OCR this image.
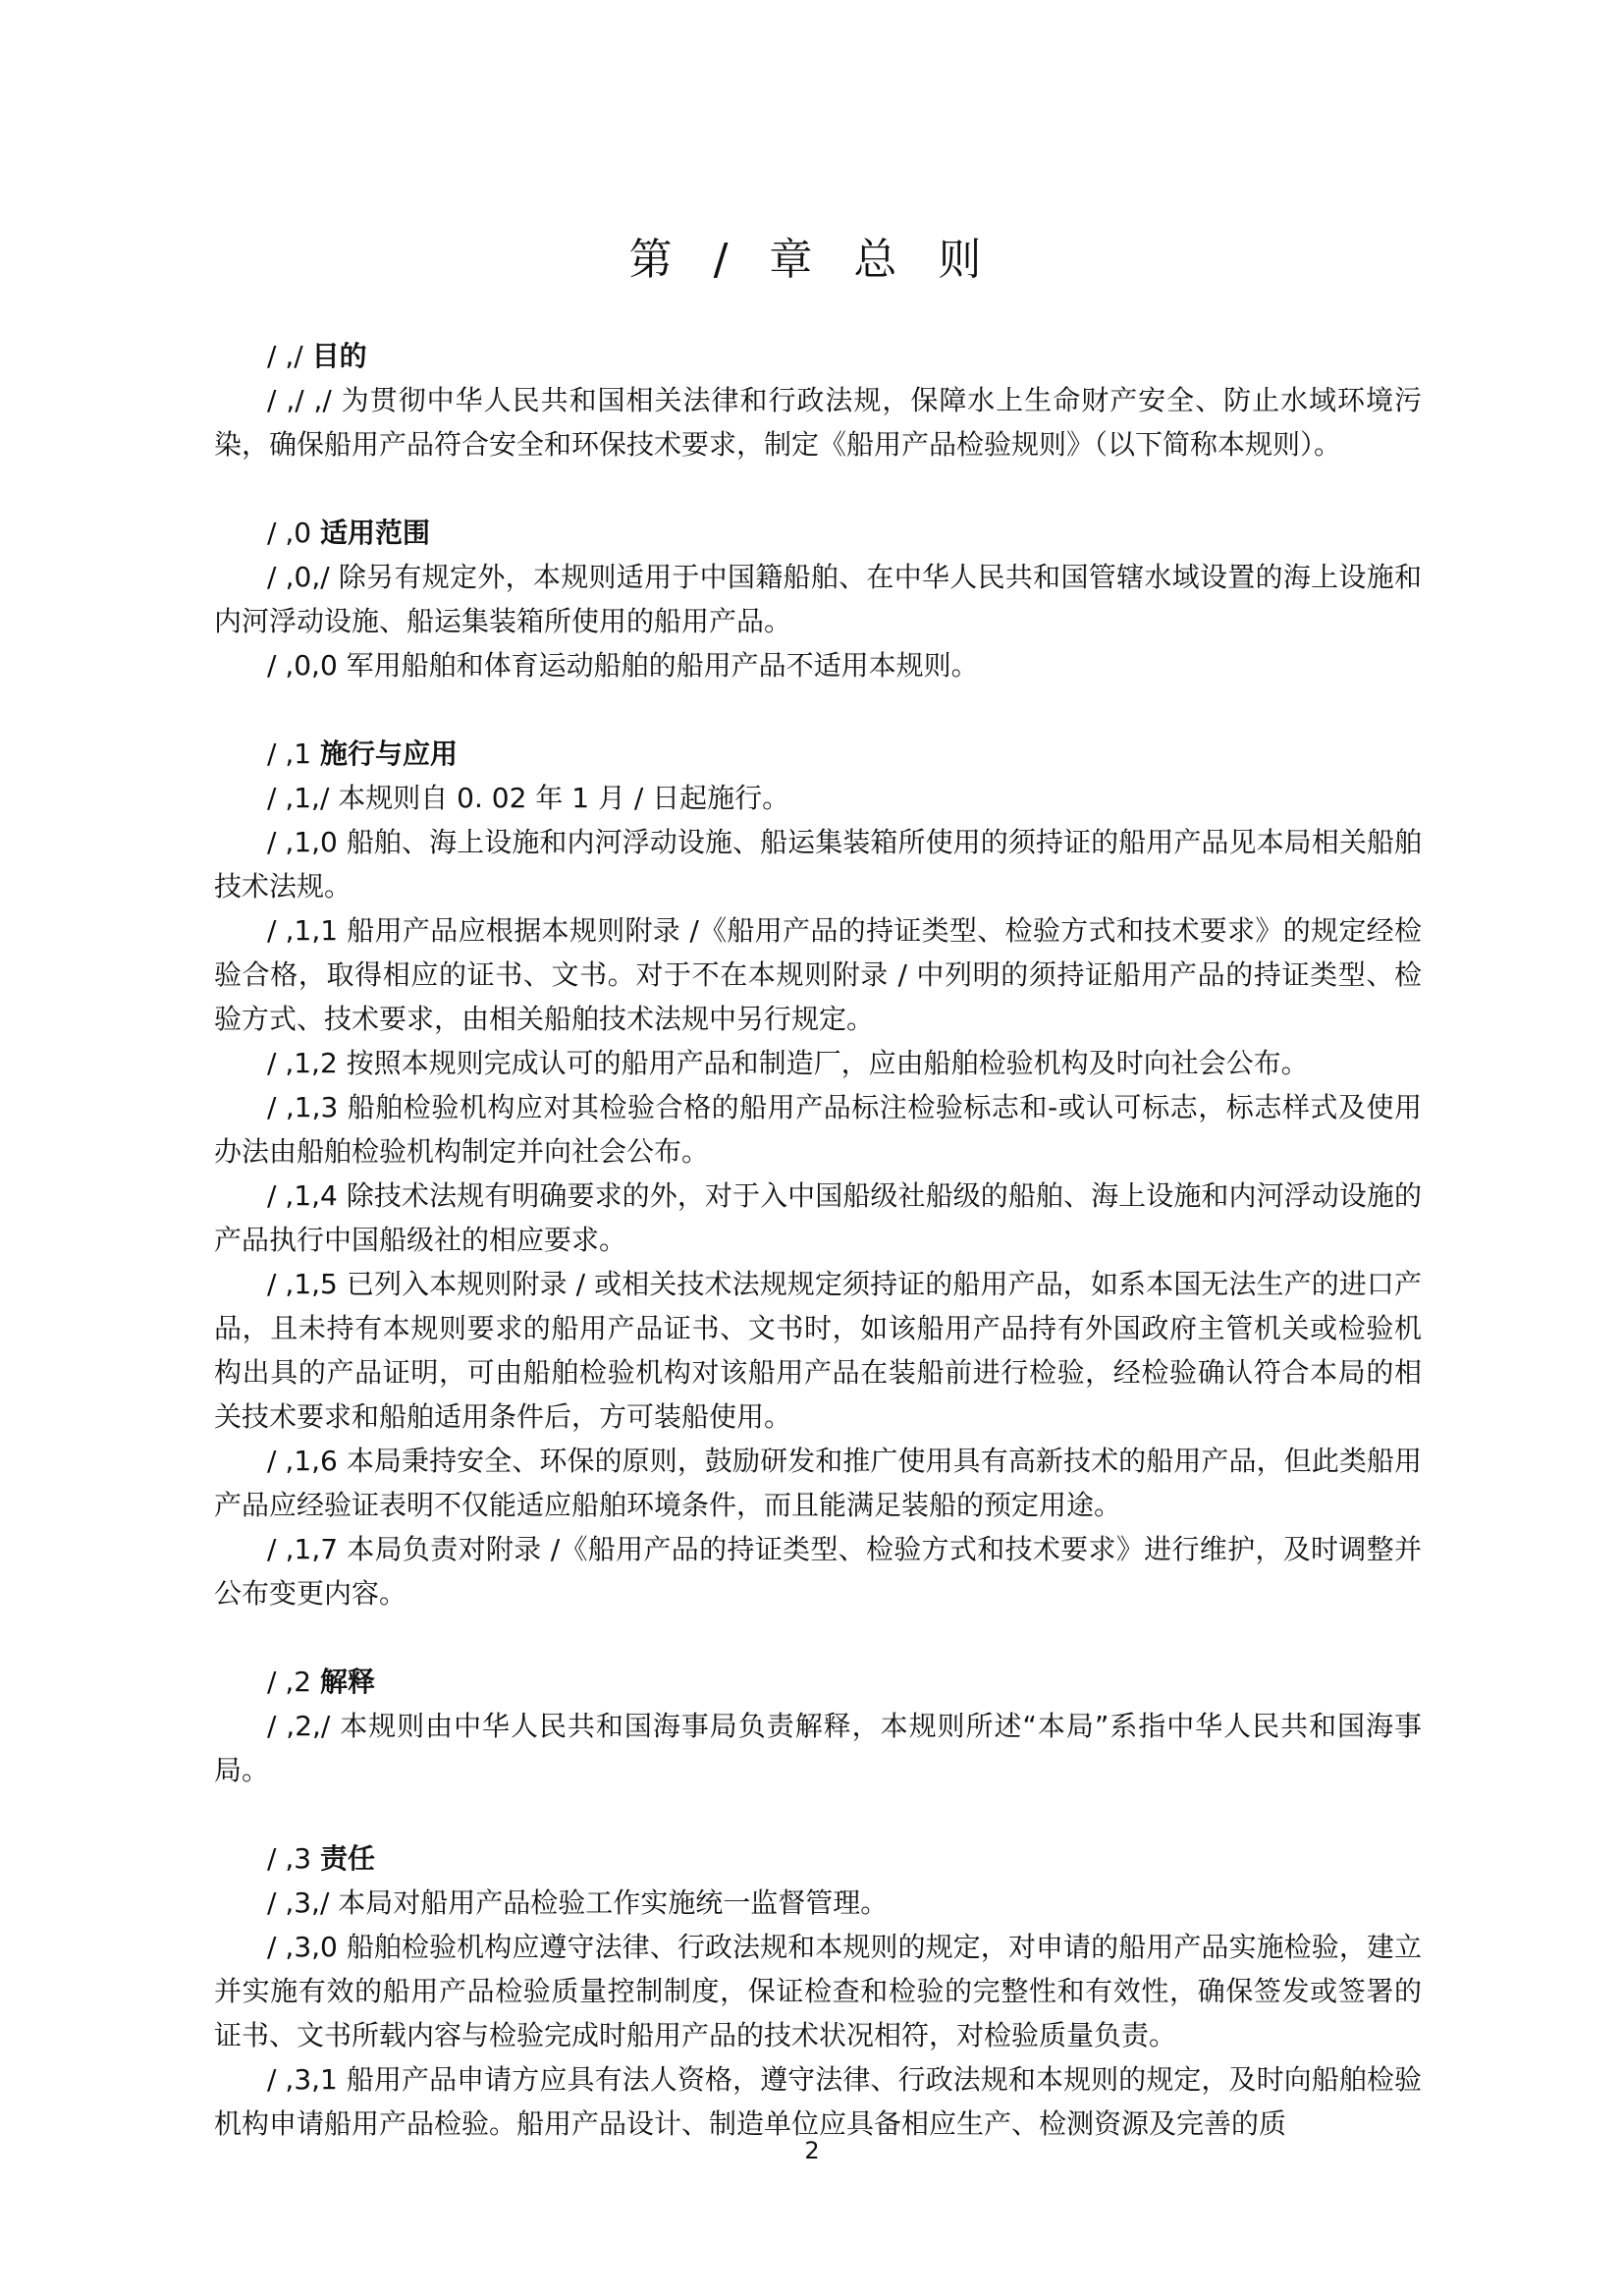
第 / 章 总 则
/ ,/ 目的

/ ,/ ,/ 为贯彻中华人民共和国相关法律和行政法规，保障水上生命财产安全、防止水域环境污染，确保船用产品符合安全和环保技术要求，制定《船用产品检验规则》（以下简称本规则）。

/ ,0 适用范围

/ ,0,/ 除另有规定外，本规则适用于中国籍船舶、在中华人民共和国管辖水域设置的海上设施和内河浮动设施、船运集装箱所使用的船用产品。

/ ,0,0 军用船舶和体育运动船舶的船用产品不适用本规则。

/ ,1 施行与应用

/ ,1,/ 本规则自 0. 02 年 1 月 / 日起施行。

/ ,1,0 船舶、海上设施和内河浮动设施、船运集装箱所使用的须持证的船用产品见本局相关船舶技术法规。

/ ,1,1 船用产品应根据本规则附录 /《船用产品的持证类型、检验方式和技术要求》的规定经检验合格，取得相应的证书、文书。对于不在本规则附录 / 中列明的须持证船用产品的持证类型、检验方式、技术要求，由相关船舶技术法规中另行规定。

/ ,1,2 按照本规则完成认可的船用产品和制造厂，应由船舶检验机构及时向社会公布。

/ ,1,3 船舶检验机构应对其检验合格的船用产品标注检验标志和-或认可标志，标志样式及使用办法由船舶检验机构制定并向社会公布。

/ ,1,4 除技术法规有明确要求的外，对于入中国船级社船级的船舶、海上设施和内河浮动设施的产品执行中国船级社的相应要求。

/ ,1,5 已列入本规则附录 / 或相关技术法规规定须持证的船用产品，如系本国无法生产的进口产品，且未持有本规则要求的船用产品证书、文书时，如该船用产品持有外国政府主管机关或检验机构出具的产品证明，可由船舶检验机构对该船用产品在装船前进行检验，经检验确认符合本局的相关技术要求和船舶适用条件后，方可装船使用。

/ ,1,6 本局秉持安全、环保的原则，鼓励研发和推广使用具有高新技术的船用产品，但此类船用产品应经验证表明不仅能适应船舶环境条件，而且能满足装船的预定用途。

/ ,1,7 本局负责对附录 /《船用产品的持证类型、检验方式和技术要求》进行维护，及时调整并公布变更内容。

/ ,2 解释

/ ,2,/ 本规则由中华人民共和国海事局负责解释，本规则所述“本局”系指中华人民共和国海事局。

/ ,3 责任

/ ,3,/ 本局对船用产品检验工作实施统一监督管理。

/ ,3,0 船舶检验机构应遵守法律、行政法规和本规则的规定，对申请的船用产品实施检验，建立并实施有效的船用产品检验质量控制制度，保证检查和检验的完整性和有效性，确保签发或签署的证书、文书所载内容与检验完成时船用产品的技术状况相符，对检验质量负责。

/ ,3,1 船用产品申请方应具有法人资格，遵守法律、行政法规和本规则的规定，及时向船舶检验机构申请船用产品检验。船用产品设计、制造单位应具备相应生产、检测资源及完善的质

2
